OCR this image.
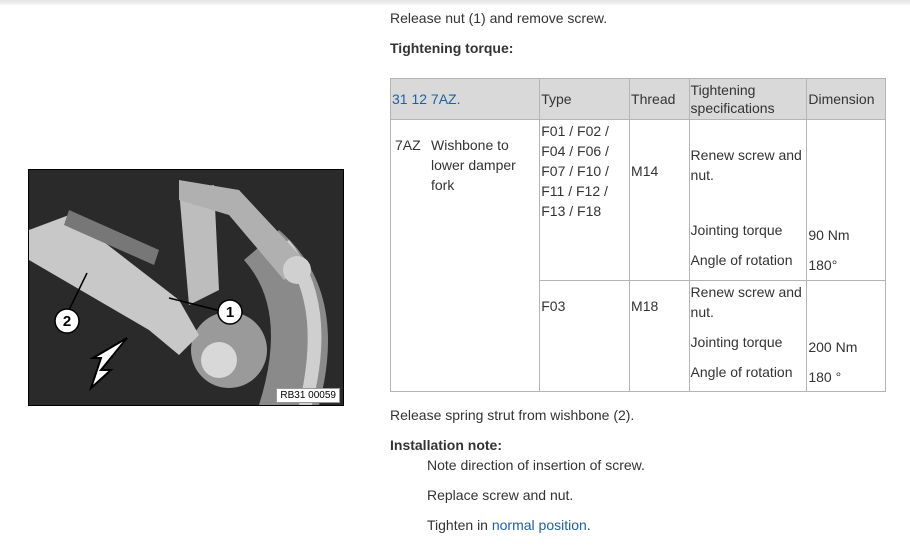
Release nut (1) and remove screw.
Tightening torque:
1
2
RB31 00059
31 12 7AZ.	Type	Thread	Tightening specifications	Dimension

7AZ Wishbone to
lower damper
fork	F01 / F02 /
F04 / F06 /
F07 / F10 /
F11 / F12 /
F13 / F18	M14	Renew screw and
nut.
Jointing torque
Angle of rotation	90 Nm
180°

	F03	M18	Renew screw and
nut.
Jointing torque
Angle of rotation	200 Nm
180 °
Release spring strut from wishbone (2).
Installation note:
Note direction of insertion of screw.
Replace screw and nut.
Tighten in normal position.
